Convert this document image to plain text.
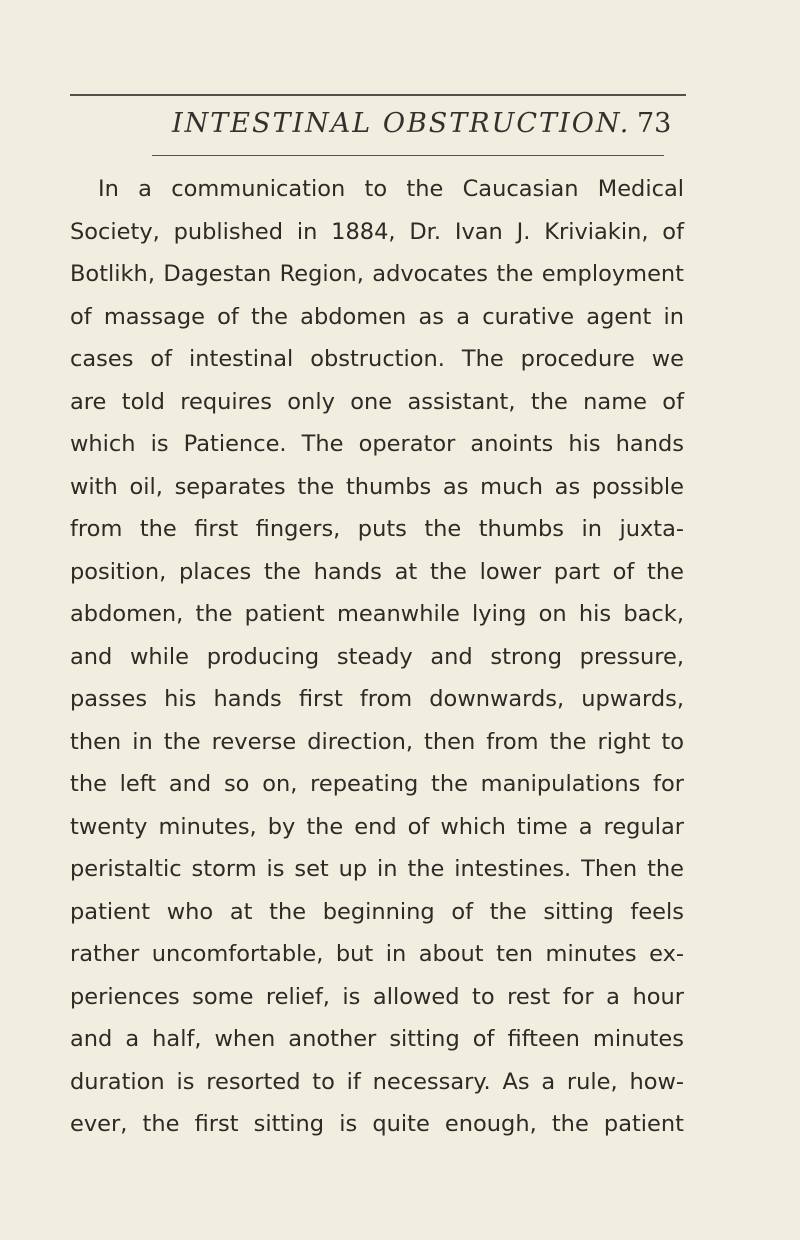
INTESTINAL OBSTRUCTION. 73
In a communication to the Caucasian Medical
Society, published in 1884, Dr. Ivan J. Kriviakin, of
Botlikh, Dagestan Region, advocates the employment
of massage of the abdomen as a curative agent in
cases of intestinal obstruction. The procedure we
are told requires only one assistant, the name of
which is Patience. The operator anoints his hands
with oil, separates the thumbs as much as possible
from the first fingers, puts the thumbs in juxta-
position, places the hands at the lower part of the
abdomen, the patient meanwhile lying on his back,
and while producing steady and strong pressure,
passes his hands first from downwards, upwards,
then in the reverse direction, then from the right to
the left and so on, repeating the manipulations for
twenty minutes, by the end of which time a regular
peristaltic storm is set up in the intestines. Then the
patient who at the beginning of the sitting feels
rather uncomfortable, but in about ten minutes ex-
periences some relief, is allowed to rest for a hour
and a half, when another sitting of fifteen minutes
duration is resorted to if necessary. As a rule, how-
ever, the first sitting is quite enough, the patient
